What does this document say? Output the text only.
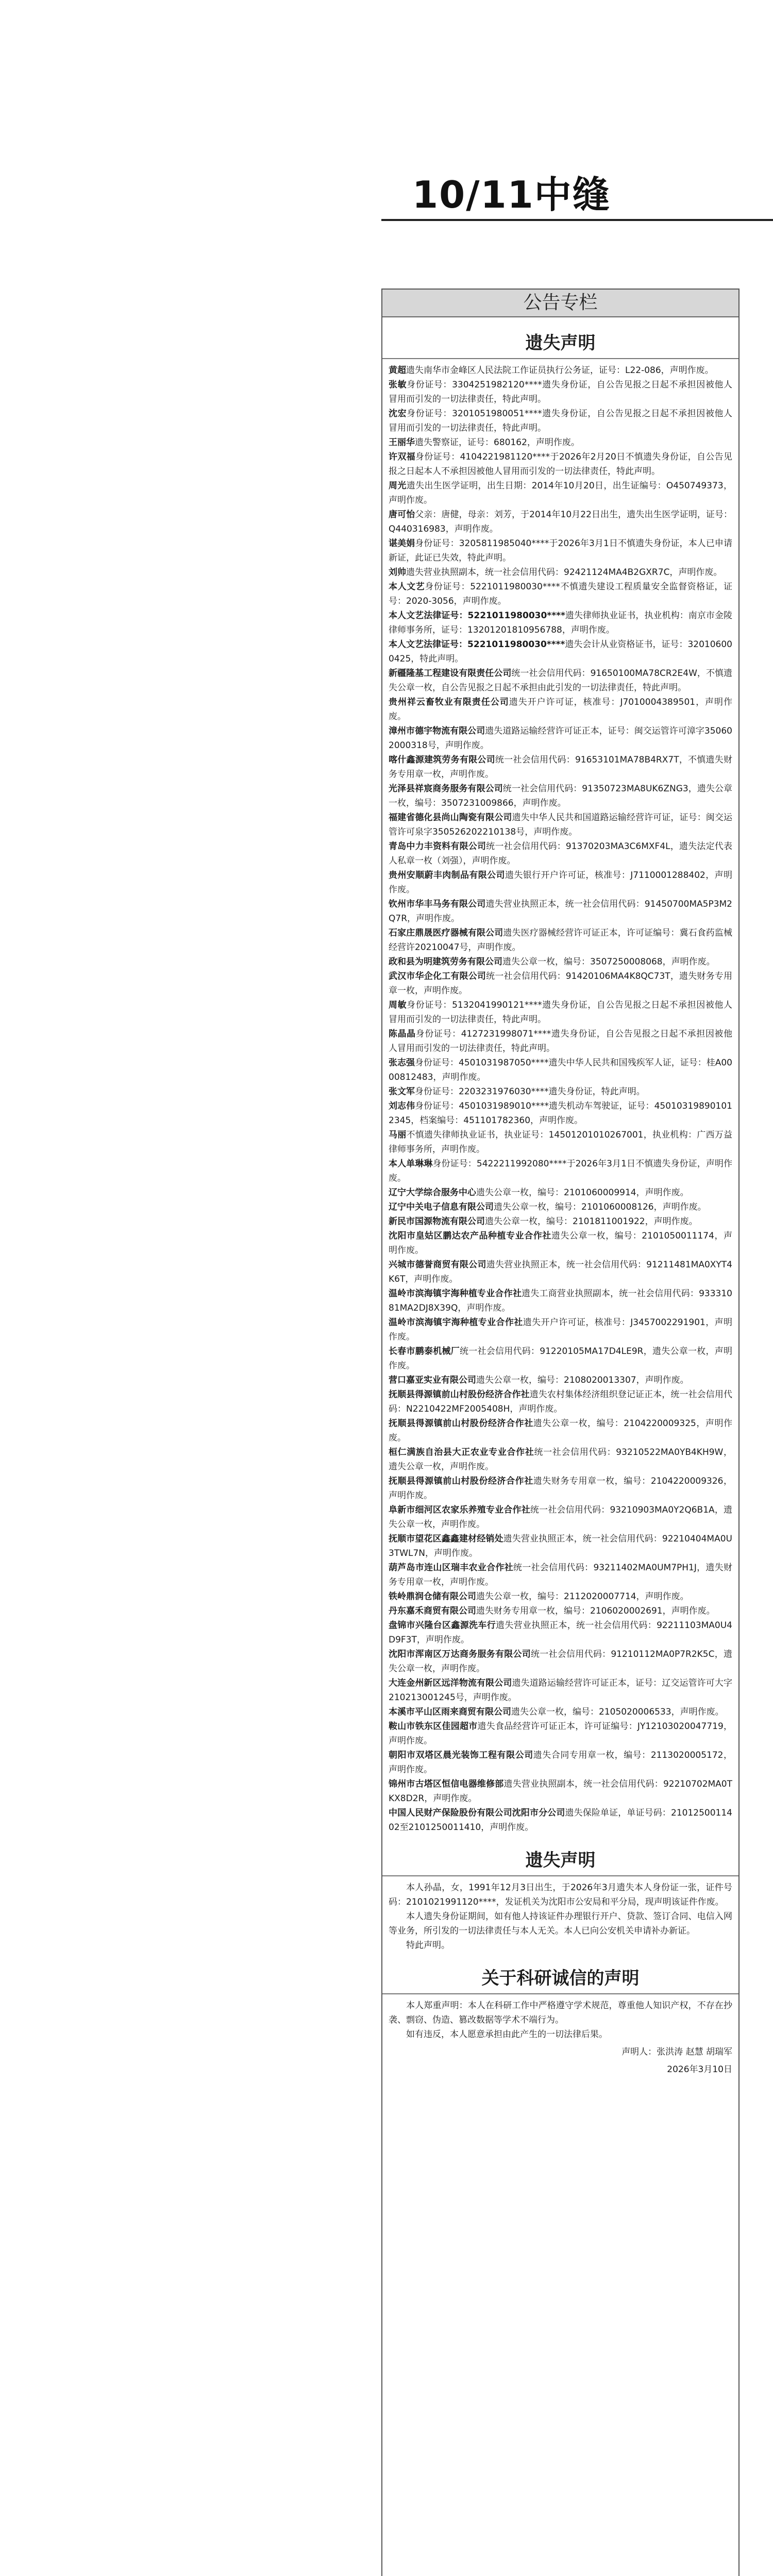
10/11中缝
公告专栏
遗失声明

黄超遗失南华市金峰区人民法院工作证员执行公务证，证号：L22-086，声明作废。

张敏身份证号：3304251982120****遗失身份证，自公告见报之日起不承担因被他人冒用而引发的一切法律责任，特此声明。

沈宏身份证号：3201051980051****遗失身份证，自公告见报之日起不承担因被他人冒用而引发的一切法律责任，特此声明。

王丽华遗失警察证，证号：680162，声明作废。

许双福身份证号：4104221981120****于2026年2月20日不慎遗失身份证，自公告见报之日起本人不承担因被他人冒用而引发的一切法律责任，特此声明。

周光遗失出生医学证明，出生日期：2014年10月20日，出生证编号：O450749373，声明作废。

唐可怡父亲：唐健，母亲：刘芳，于2014年10月22日出生，遗失出生医学证明，证号：Q440316983，声明作废。

谌美娟身份证号：3205811985040****于2026年3月1日不慎遗失身份证，本人已申请新证，此证已失效，特此声明。

刘帅遗失营业执照副本，统一社会信用代码：92421124MA4B2GXR7C，声明作废。

本人文艺身份证号：5221011980030****不慎遗失建设工程质量安全监督资格证，证号：2020-3056，声明作废。

本人文艺法律证号：5221011980030****遗失律师执业证书，执业机构：南京市金陵律师事务所，证号：13201201810956788，声明作废。

本人文艺法律证号：5221011980030****遗失会计从业资格证书，证号：320106000425，特此声明。

新疆隆基工程建设有限责任公司统一社会信用代码：91650100MA78CR2E4W，不慎遗失公章一枚，自公告见报之日起不承担由此引发的一切法律责任，特此声明。

贵州祥云畜牧业有限责任公司遗失开户许可证，核准号：J7010004389501，声明作废。

漳州市德宇物流有限公司遗失道路运输经营许可证正本，证号：闽交运管许可漳字350602000318号，声明作废。

喀什鑫源建筑劳务有限公司统一社会信用代码：91653101MA78B4RX7T，不慎遗失财务专用章一枚，声明作废。

光泽县祥宸商务服务有限公司统一社会信用代码：91350723MA8UK6ZNG3，遗失公章一枚，编号：3507231009866，声明作废。

福建省德化县尚山陶瓷有限公司遗失中华人民共和国道路运输经营许可证，证号：闽交运管许可泉字350526202210138号，声明作废。

青岛中力丰资料有限公司统一社会信用代码：91370203MA3C6MXF4L，遗失法定代表人私章一枚（刘强），声明作废。

贵州安顺蔚丰肉制品有限公司遗失银行开户许可证，核准号：J7110001288402，声明作废。

钦州市华丰马务有限公司遗失营业执照正本，统一社会信用代码：91450700MA5P3M2Q7R，声明作废。

石家庄鼎晟医疗器械有限公司遗失医疗器械经营许可证正本，许可证编号：冀石食药监械经营许20210047号，声明作废。

政和县为明建筑劳务有限公司遗失公章一枚，编号：3507250008068，声明作废。

武汉市华企化工有限公司统一社会信用代码：91420106MA4K8QC73T，遗失财务专用章一枚，声明作废。

周敏身份证号：5132041990121****遗失身份证，自公告见报之日起不承担因被他人冒用而引发的一切法律责任，特此声明。

陈晶晶身份证号：4127231998071****遗失身份证，自公告见报之日起不承担因被他人冒用而引发的一切法律责任，特此声明。

张志强身份证号：4501031987050****遗失中华人民共和国残疾军人证，证号：桂A0000812483，声明作废。

张文军身份证号：2203231976030****遗失身份证，特此声明。

刘志伟身份证号：4501031989010****遗失机动车驾驶证，证号：450103198901012345，档案编号：451101782360，声明作废。

马丽不慎遗失律师执业证书，执业证号：14501201010267001，执业机构：广西万益律师事务所，声明作废。

本人单琳琳身份证号：5422211992080****于2026年3月1日不慎遗失身份证，声明作废。

辽宁大学综合服务中心遗失公章一枚，编号：2101060009914，声明作废。

辽宁中关电子信息有限公司遗失公章一枚，编号：2101060008126，声明作废。

新民市国源物流有限公司遗失公章一枚，编号：2101811001922，声明作废。

沈阳市皇姑区鹏达农产品种植专业合作社遗失公章一枚，编号：2101050011174，声明作废。

兴城市德誉商贸有限公司遗失营业执照正本，统一社会信用代码：91211481MA0XYT4K6T，声明作废。

温岭市滨海镇宇海种植专业合作社遗失工商营业执照副本，统一社会信用代码：93331081MA2DJ8X39Q，声明作废。

温岭市滨海镇宇海种植专业合作社遗失开户许可证，核准号：J3457002291901，声明作废。

长春市鹏泰机械厂统一社会信用代码：91220105MA17D4LE9R，遗失公章一枚，声明作废。

营口嘉亚实业有限公司遗失公章一枚，编号：2108020013307，声明作废。

抚顺县得源镇前山村股份经济合作社遗失农村集体经济组织登记证正本，统一社会信用代码：N2210422MF2005408H，声明作废。

抚顺县得源镇前山村股份经济合作社遗失公章一枚，编号：2104220009325，声明作废。

桓仁满族自治县大正农业专业合作社统一社会信用代码：93210522MA0YB4KH9W，遗失公章一枚，声明作废。

抚顺县得源镇前山村股份经济合作社遗失财务专用章一枚，编号：2104220009326，声明作废。

阜新市细河区农家乐养殖专业合作社统一社会信用代码：93210903MA0Y2Q6B1A，遗失公章一枚，声明作废。

抚顺市望花区鑫鑫建材经销处遗失营业执照正本，统一社会信用代码：92210404MA0U3TWL7N，声明作废。

葫芦岛市连山区瑞丰农业合作社统一社会信用代码：93211402MA0UM7PH1J，遗失财务专用章一枚，声明作废。

铁岭鼎润仓储有限公司遗失公章一枚，编号：2112020007714，声明作废。

丹东嘉禾商贸有限公司遗失财务专用章一枚，编号：2106020002691，声明作废。

盘锦市兴隆台区鑫源洗车行遗失营业执照正本，统一社会信用代码：92211103MA0U4D9F3T，声明作废。

沈阳市浑南区万达商务服务有限公司统一社会信用代码：91210112MA0P7R2K5C，遗失公章一枚，声明作废。

大连金州新区远洋物流有限公司遗失道路运输经营许可证正本，证号：辽交运管许可大字210213001245号，声明作废。

本溪市平山区雨来商贸有限公司遗失公章一枚，编号：2105020006533，声明作废。

鞍山市铁东区佳园超市遗失食品经营许可证正本，许可证编号：JY12103020047719，声明作废。

朝阳市双塔区晨光装饰工程有限公司遗失合同专用章一枚，编号：2113020005172，声明作废。

锦州市古塔区恒信电器维修部遗失营业执照副本，统一社会信用代码：92210702MA0TKX8D2R，声明作废。

中国人民财产保险股份有限公司沈阳市分公司遗失保险单证，单证号码：2101250011402至2101250011410，声明作废。

遗失声明

本人孙晶，女，1991年12月3日出生，于2026年3月遗失本人身份证一张，证件号码：2101021991120****，发证机关为沈阳市公安局和平分局，现声明该证件作废。

本人遗失身份证期间，如有他人持该证件办理银行开户、贷款、签订合同、电信入网等业务，所引发的一切法律责任与本人无关。本人已向公安机关申请补办新证。

特此声明。

关于科研诚信的声明

本人郑重声明：本人在科研工作中严格遵守学术规范，尊重他人知识产权，不存在抄袭、剽窃、伪造、篡改数据等学术不端行为。

如有违反，本人愿意承担由此产生的一切法律后果。

声明人：张洪涛 赵慧 胡瑞军
2026年3月10日
